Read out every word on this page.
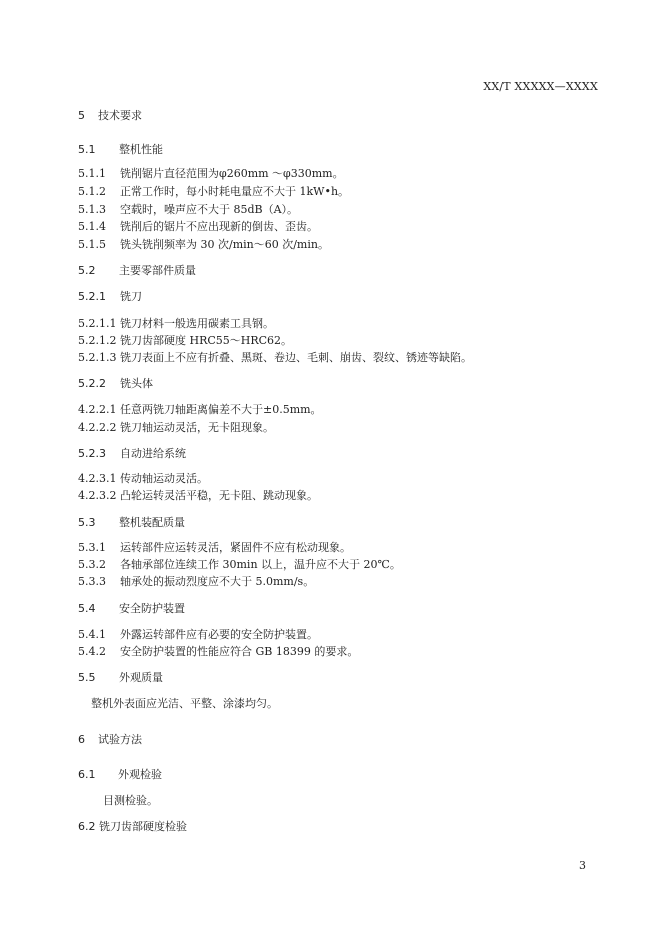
XX/T XXXXX—XXXX
5 技术要求
5.1 整机性能
5.1.1 铣削锯片直径范围为φ260mm ～φ330mm。
5.1.2 正常工作时，每小时耗电量应不大于 1kW•h。
5.1.3 空载时，噪声应不大于 85dB（A）。
5.1.4 铣削后的锯片不应出现新的倒齿、歪齿。
5.1.5 铣头铣削频率为 30 次/min～60 次/min。
5.2 主要零部件质量
5.2.1 铣刀
5.2.1.1 铣刀材料一般选用碳素工具钢。
5.2.1.2 铣刀齿部硬度 HRC55～HRC62。
5.2.1.3 铣刀表面上不应有折叠、黑斑、卷边、毛刺、崩齿、裂纹、锈迹等缺陷。
5.2.2 铣头体
4.2.2.1 任意两铣刀轴距离偏差不大于±0.5mm。
4.2.2.2 铣刀轴运动灵活，无卡阻现象。
5.2.3 自动进给系统
4.2.3.1 传动轴运动灵活。
4.2.3.2 凸轮运转灵活平稳，无卡阻、跳动现象。
5.3 整机装配质量
5.3.1 运转部件应运转灵活，紧固件不应有松动现象。
5.3.2 各轴承部位连续工作 30min 以上，温升应不大于 20℃。
5.3.3 轴承处的振动烈度应不大于 5.0mm/s。
5.4 安全防护装置
5.4.1 外露运转部件应有必要的安全防护装置。
5.4.2 安全防护装置的性能应符合 GB 18399 的要求。
5.5 外观质量
整机外表面应光洁、平整、涂漆均匀。
6 试验方法
6.1 外观检验
目测检验。
6.2 铣刀齿部硬度检验
3
